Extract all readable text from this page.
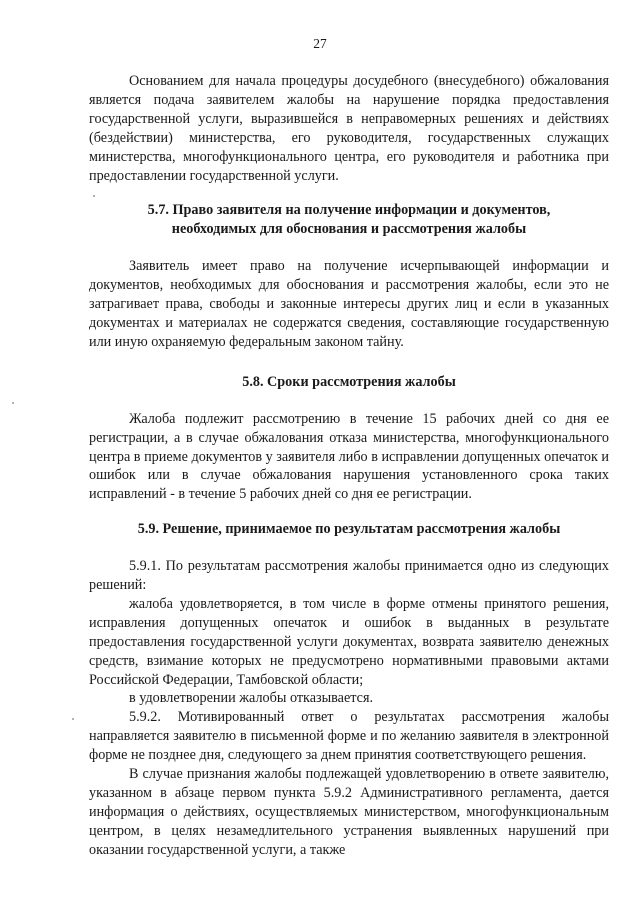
27

Основанием для начала процедуры досудебного (внесудебного) обжалования является подача заявителем жалобы на нарушение порядка предоставления государственной услуги, выразившейся в неправомерных решениях и действиях (бездействии) министерства, его руководителя, государственных служащих министерства, многофункционального центра, его руководителя и работника при предоставлении государственной услуги.

5.7. Право заявителя на получение информации и документов,
необходимых для обоснования и рассмотрения жалобы

Заявитель имеет право на получение исчерпывающей информации и документов, необходимых для обоснования и рассмотрения жалобы, если это не затрагивает права, свободы и законные интересы других лиц и если в указанных документах и материалах не содержатся сведения, составляющие государственную или иную охраняемую федеральным законом тайну.

5.8. Сроки рассмотрения жалобы

Жалоба подлежит рассмотрению в течение 15 рабочих дней со дня ее регистрации, а в случае обжалования отказа министерства, многофункционального центра в приеме документов у заявителя либо в исправлении допущенных опечаток и ошибок или в случае обжалования нарушения установленного срока таких исправлений - в течение 5 рабочих дней со дня ее регистрации.

5.9. Решение, принимаемое по результатам рассмотрения жалобы

5.9.1. По результатам рассмотрения жалобы принимается одно из следующих решений:

жалоба удовлетворяется, в том числе в форме отмены принятого решения, исправления допущенных опечаток и ошибок в выданных в результате предоставления государственной услуги документах, возврата заявителю денежных средств, взимание которых не предусмотрено нормативными правовыми актами Российской Федерации, Тамбовской области;

в удовлетворении жалобы отказывается.

5.9.2. Мотивированный ответ о результатах рассмотрения жалобы направляется заявителю в письменной форме и по желанию заявителя в электронной форме не позднее дня, следующего за днем принятия соответствующего решения.

В случае признания жалобы подлежащей удовлетворению в ответе заявителю, указанном в абзаце первом пункта 5.9.2 Административного регламента, дается информация о действиях, осуществляемых министерством, многофункциональным центром, в целях незамедлительного устранения выявленных нарушений при оказании государственной услуги, а также
